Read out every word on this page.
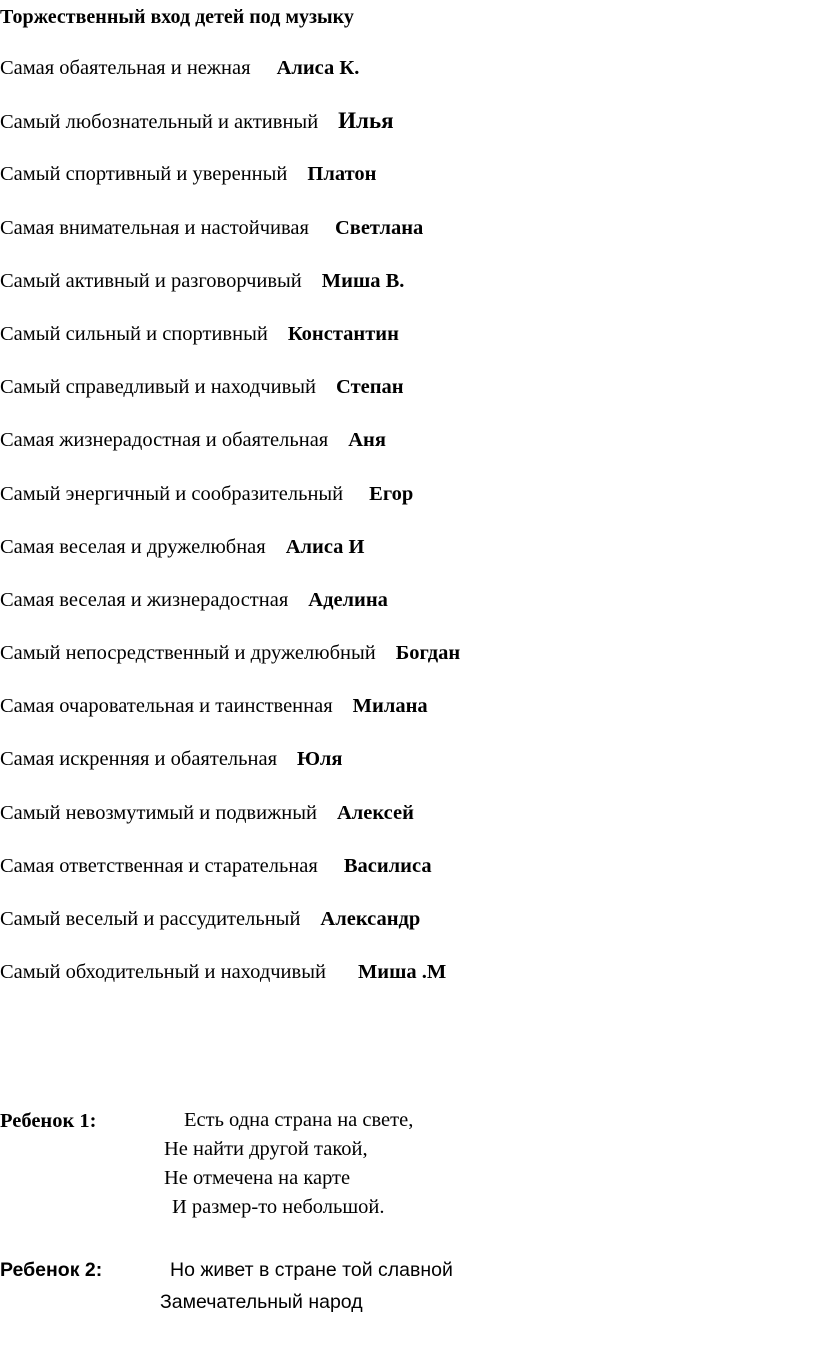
Торжественный вход детей под музыку
Самая обаятельная и нежная Алиса К.
Самый любознательный и активный Илья
Самый спортивный и уверенный Платон
Самая внимательная и настойчивая Светлана
Самый активный и разговорчивый Миша В.
Самый сильный и спортивный Константин
Самый справедливый и находчивый Степан
Самая жизнерадостная и обаятельная Аня
Самый энергичный и сообразительный Егор
Самая веселая и дружелюбная Алиса И
Самая веселая и жизнерадостная Аделина
Самый непосредственный и дружелюбный Богдан
Самая очаровательная и таинственная Милана
Самая искренняя и обаятельная Юля
Самый невозмутимый и подвижный Алексей
Самая ответственная и старательная Василиса
Самый веселый и рассудительный Александр
Самый обходительный и находчивый Миша .М
Ребенок 1:	Есть одна страна на свете,
Не найти другой такой,
Не отмечена на карте
И размер-то небольшой.
Ребенок 2:	Но живет в стране той славной
Замечательный народ
